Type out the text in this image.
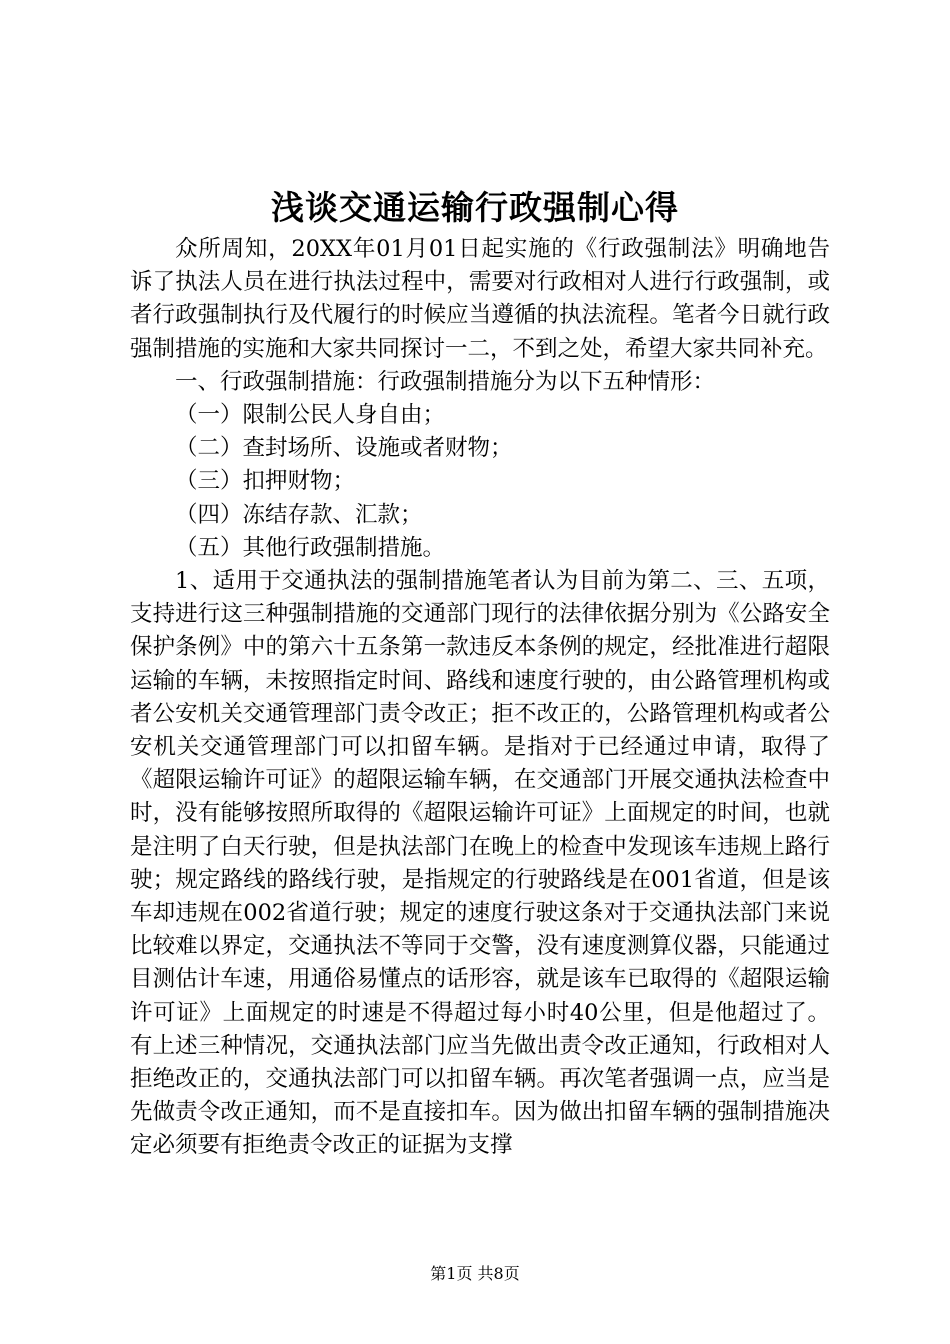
浅谈交通运输行政强制心得

众所周知，20XX年01月01日起实施的《行政强制法》明确地告诉了执法人员在进行执法过程中，需要对行政相对人进行行政强制，或者行政强制执行及代履行的时候应当遵循的执法流程。笔者今日就行政强制措施的实施和大家共同探讨一二，不到之处，希望大家共同补充。

一、行政强制措施：行政强制措施分为以下五种情形：

（一）限制公民人身自由；

（二）查封场所、设施或者财物；

（三）扣押财物；

（四）冻结存款、汇款；

（五）其他行政强制措施。

1、适用于交通执法的强制措施笔者认为目前为第二、三、五项，支持进行这三种强制措施的交通部门现行的法律依据分别为《公路安全保护条例》中的第六十五条第一款违反本条例的规定，经批准进行超限运输的车辆，未按照指定时间、路线和速度行驶的，由公路管理机构或者公安机关交通管理部门责令改正；拒不改正的，公路管理机构或者公安机关交通管理部门可以扣留车辆。是指对于已经通过申请，取得了《超限运输许可证》的超限运输车辆，在交通部门开展交通执法检查中时，没有能够按照所取得的《超限运输许可证》上面规定的时间，也就是注明了白天行驶，但是执法部门在晚上的检查中发现该车违规上路行驶；规定路线的路线行驶，是指规定的行驶路线是在001省道，但是该车却违规在002省道行驶；规定的速度行驶这条对于交通执法部门来说比较难以界定，交通执法不等同于交警，没有速度测算仪器，只能通过目测估计车速，用通俗易懂点的话形容，就是该车已取得的《超限运输许可证》上面规定的时速是不得超过每小时40公里，但是他超过了。有上述三种情况，交通执法部门应当先做出责令改正通知，行政相对人拒绝改正的，交通执法部门可以扣留车辆。再次笔者强调一点，应当是先做责令改正通知，而不是直接扣车。因为做出扣留车辆的强制措施决定必须要有拒绝责令改正的证据为支撑

第1页 共8页
